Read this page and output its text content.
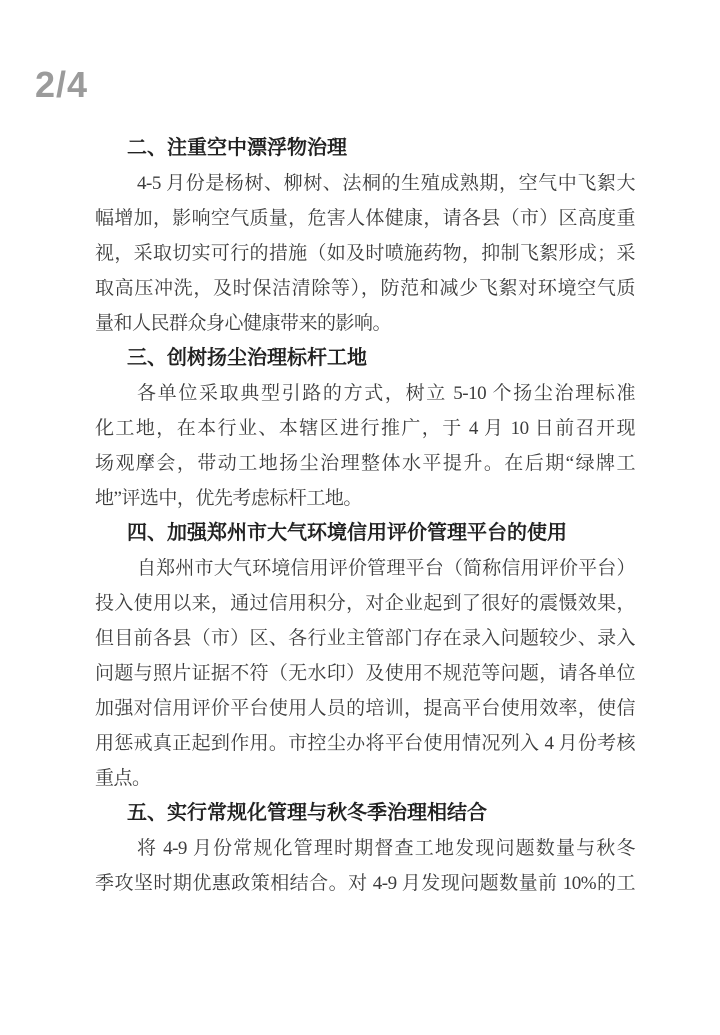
2/4
二、注重空中漂浮物治理
4-5 月份是杨树、柳树、法桐的生殖成熟期，空气中飞絮大
幅增加，影响空气质量，危害人体健康，请各县（市）区高度重
视，采取切实可行的措施（如及时喷施药物，抑制飞絮形成；采
取高压冲洗，及时保洁清除等），防范和减少飞絮对环境空气质
量和人民群众身心健康带来的影响。
三、创树扬尘治理标杆工地
各单位采取典型引路的方式，树立 5-10 个扬尘治理标准
化工地，在本行业、本辖区进行推广，于 4 月 10 日前召开现
场观摩会，带动工地扬尘治理整体水平提升。在后期“绿牌工
地”评选中，优先考虑标杆工地。
四、加强郑州市大气环境信用评价管理平台的使用
自郑州市大气环境信用评价管理平台（简称信用评价平台）
投入使用以来，通过信用积分，对企业起到了很好的震慑效果，
但目前各县（市）区、各行业主管部门存在录入问题较少、录入
问题与照片证据不符（无水印）及使用不规范等问题，请各单位
加强对信用评价平台使用人员的培训，提高平台使用效率，使信
用惩戒真正起到作用。市控尘办将平台使用情况列入 4 月份考核
重点。
五、实行常规化管理与秋冬季治理相结合
将 4-9 月份常规化管理时期督查工地发现问题数量与秋冬
季攻坚时期优惠政策相结合。对 4-9 月发现问题数量前 10%的工
